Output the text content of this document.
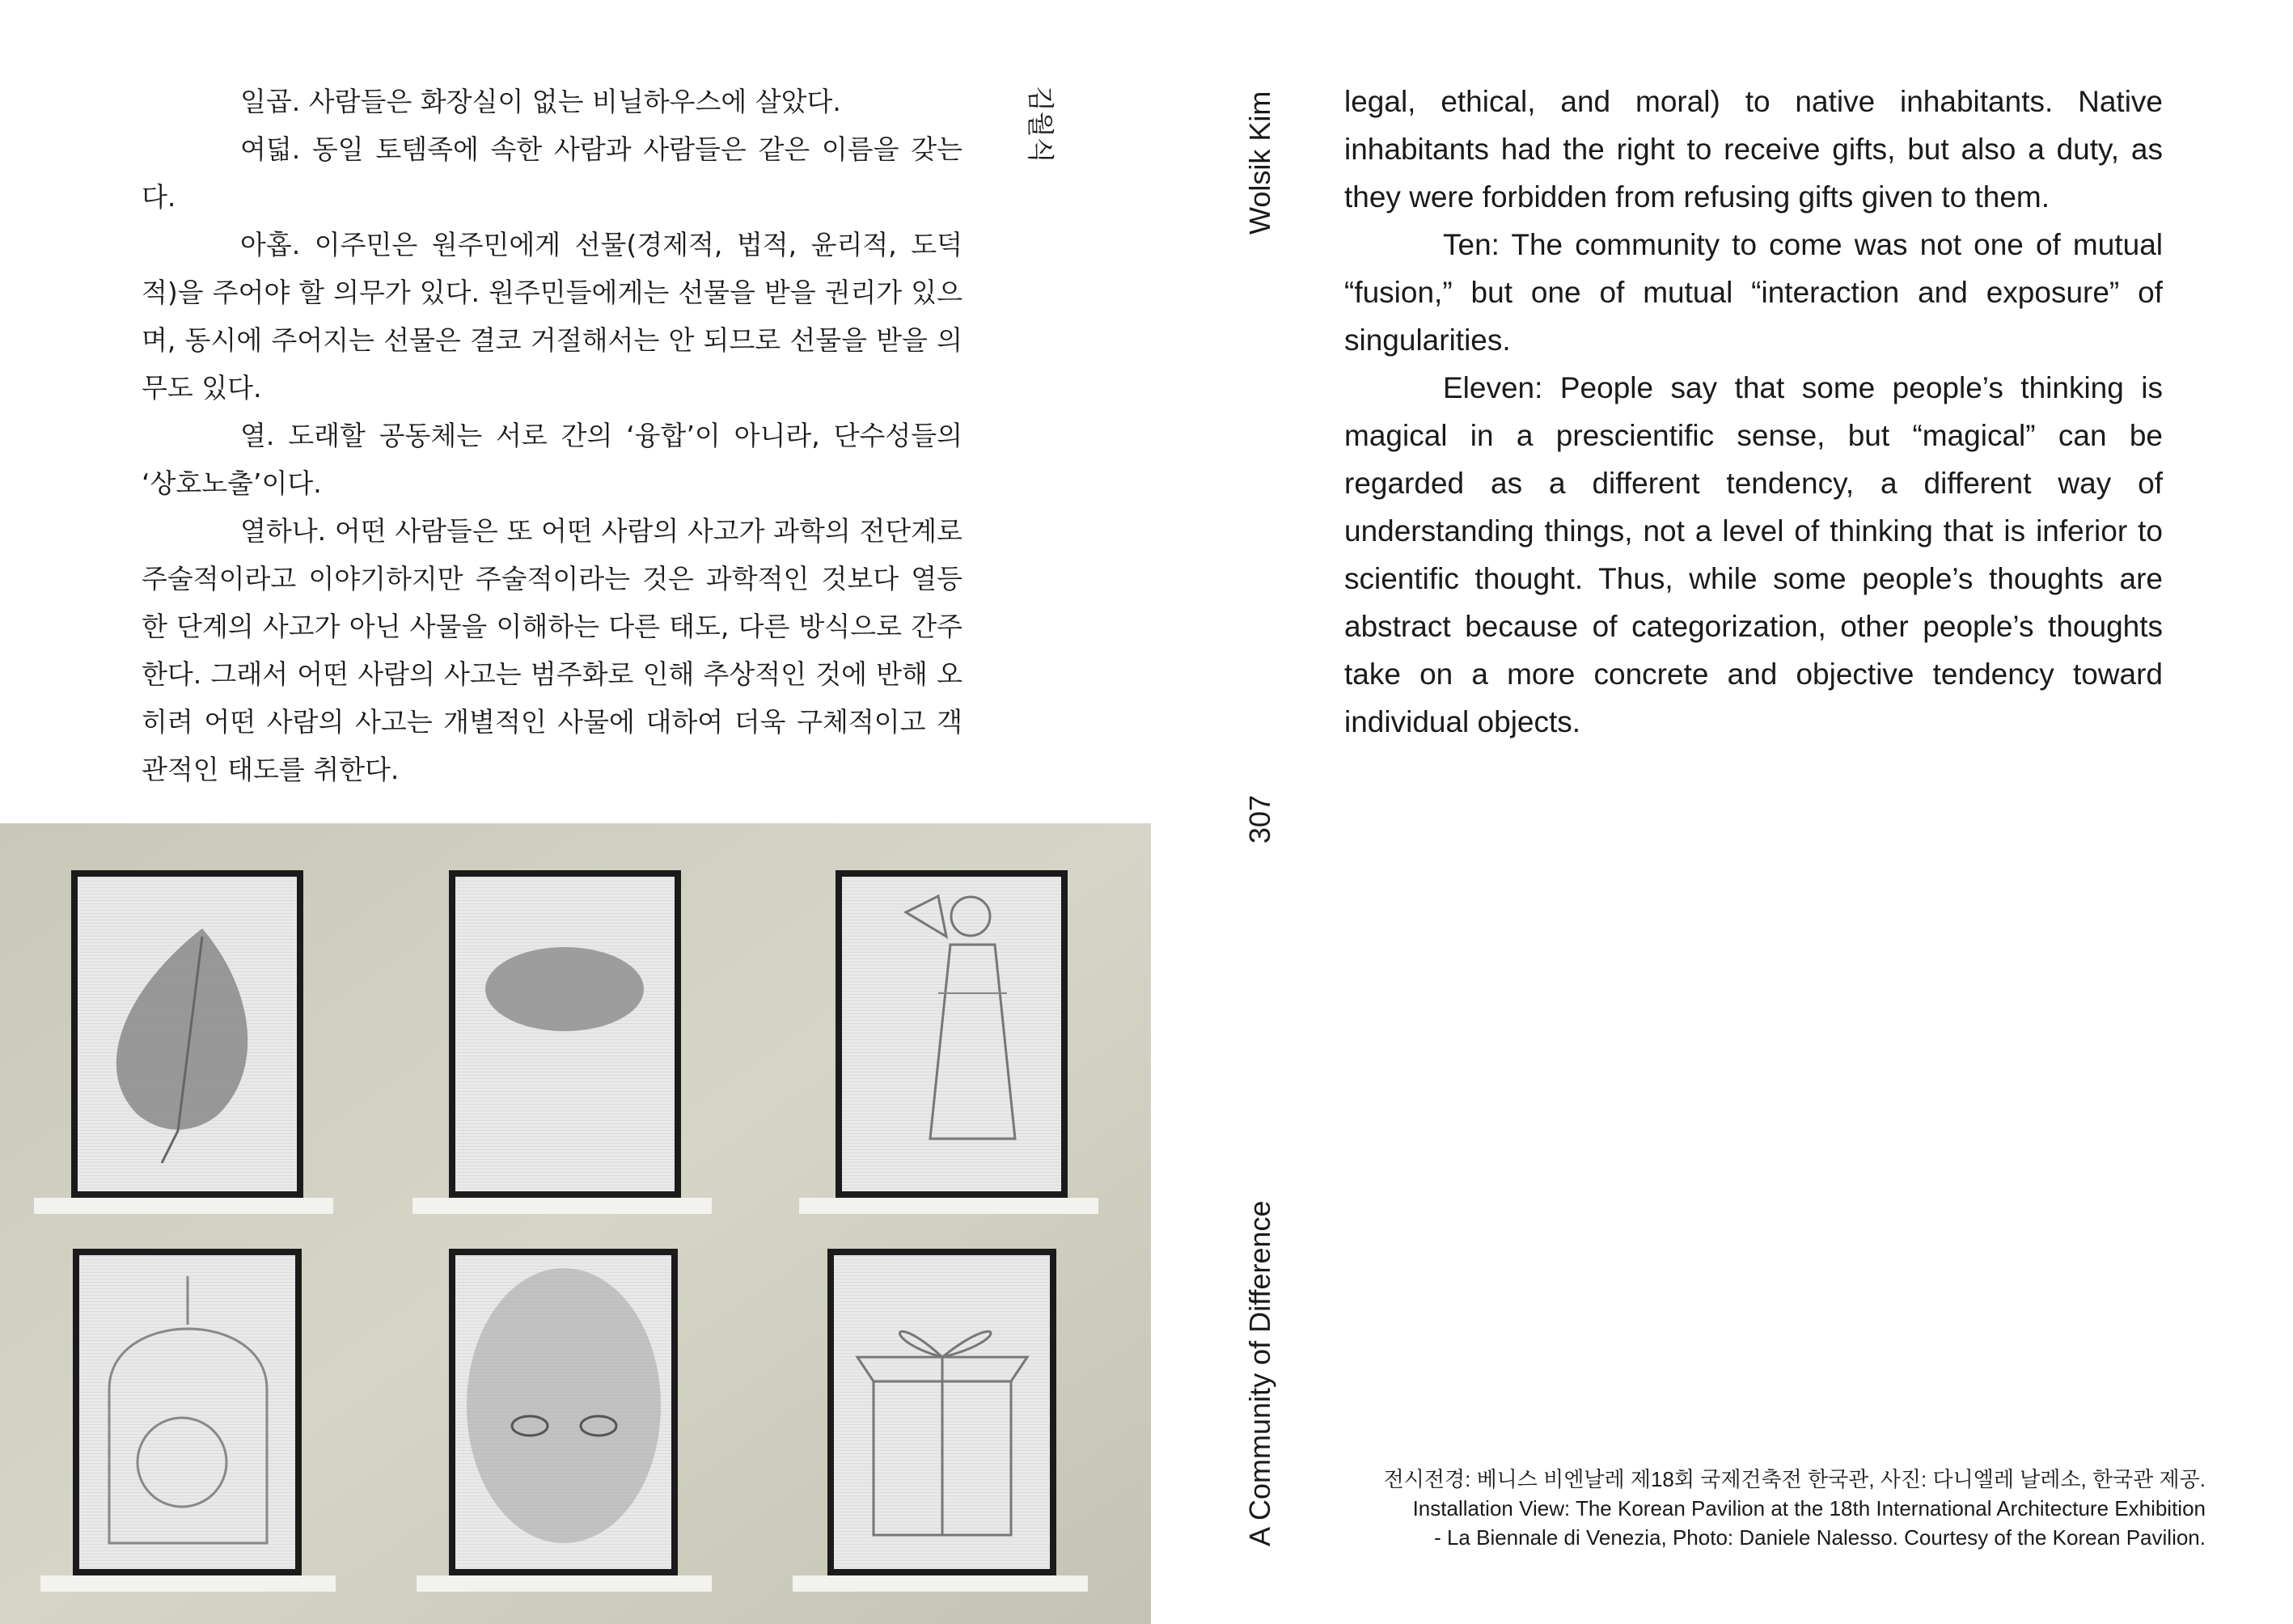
일곱. 사람들은 화장실이 없는 비닐하우스에 살았다.

여덟. 동일 토템족에 속한 사람과 사람들은 같은 이름을 갖는다.

아홉. 이주민은 원주민에게 선물(경제적, 법적, 윤리적, 도덕적)을 주어야 할 의무가 있다. 원주민들에게는 선물을 받을 권리가 있으며, 동시에 주어지는 선물은 결코 거절해서는 안 되므로 선물을 받을 의무도 있다.

열. 도래할 공동체는 서로 간의 ‘융합’이 아니라, 단수성들의 ‘상호노출’이다.

열하나. 어떤 사람들은 또 어떤 사람의 사고가 과학의 전단계로 주술적이라고 이야기하지만 주술적이라는 것은 과학적인 것보다 열등한 단계의 사고가 아닌 사물을 이해하는 다른 태도, 다른 방식으로 간주한다. 그래서 어떤 사람의 사고는 범주화로 인해 추상적인 것에 반해 오히려 어떤 사람의 사고는 개별적인 사물에 대하여 더욱 구체적이고 객관적인 태도를 취한다.

김월식	Wolsik Kim
307
A Community of Difference

legal, ethical, and moral) to native inhabitants. Native inhabitants had the right to receive gifts, but also a duty, as they were forbidden from refusing gifts given to them.

Ten: The community to come was not one of mutual “fusion,” but one of mutual “interaction and exposure” of singularities.

Eleven: People say that some people’s thinking is magical in a prescientific sense, but “magical” can be regarded as a different tendency, a different way of understanding things, not a level of thinking that is inferior to scientific thought. Thus, while some people’s thoughts are abstract because of categorization, other people’s thoughts take on a more concrete and objective tendency toward individual objects.

전시전경: 베니스 비엔날레 제18회 국제건축전 한국관, 사진: 다니엘레 날레소, 한국관 제공.
Installation View: The Korean Pavilion at the 18th International Architecture Exhibition
- La Biennale di Venezia, Photo: Daniele Nalesso. Courtesy of the Korean Pavilion.
